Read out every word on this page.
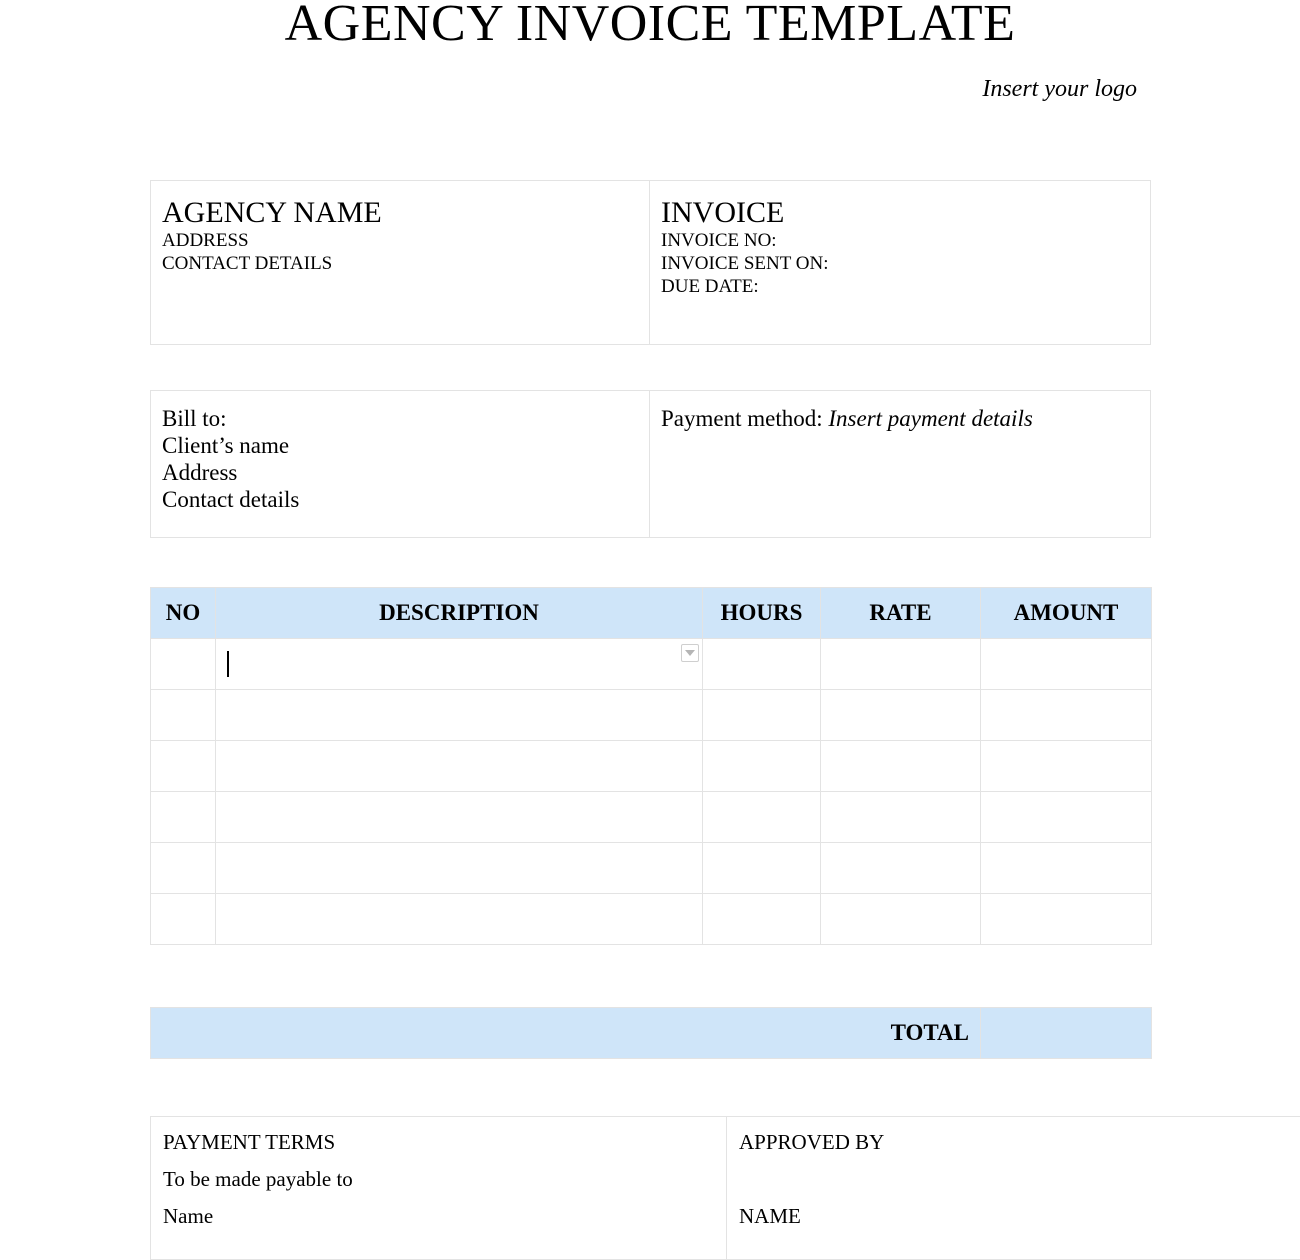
AGENCY INVOICE TEMPLATE
Insert your logo
AGENCY NAME
ADDRESS
CONTACT DETAILS

INVOICE
INVOICE NO:
INVOICE SENT ON:
DUE DATE:
Bill to:
Client’s name
Address
Contact details
	Payment method: Insert payment details
NO	DESCRIPTION	HOURS	RATE	AMOUNT

TOTAL	
PAYMENT TERMS
To be made payable to
Name

APPROVED BY
NAME
